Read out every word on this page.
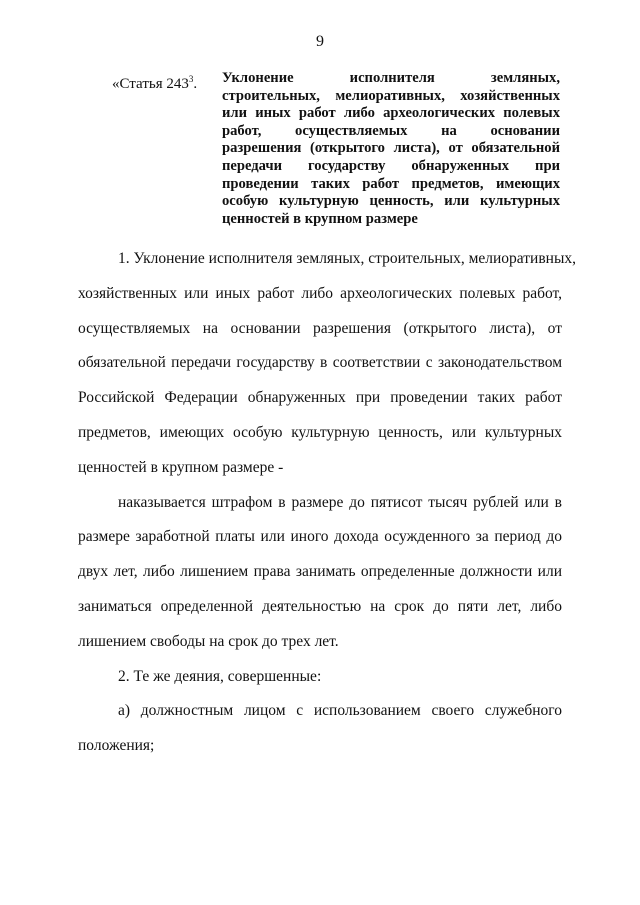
9
«Статья $243^3$. Уклонение исполнителя земляных,
строительных, мелиоративных, хозяйственных
или иных работ либо археологических полевых
работ, осуществляемых на основании
разрешения (открытого листа), от обязательной
передачи государству обнаруженных при
проведении таких работ предметов, имеющих
особую культурную ценность, или культурных
ценностей в крупном размере
1. Уклонение исполнителя земляных, строительных, мелиоративных,
хозяйственных или иных работ либо археологических полевых работ,
осуществляемых на основании разрешения (открытого листа), от
обязательной передачи государству в соответствии с законодательством
Российской Федерации обнаруженных при проведении таких работ
предметов, имеющих особую культурную ценность, или культурных
ценностей в крупном размере -
наказывается штрафом в размере до пятисот тысяч рублей или в
размере заработной платы или иного дохода осужденного за период до
двух лет, либо лишением права занимать определенные должности или
заниматься определенной деятельностью на срок до пяти лет, либо
лишением свободы на срок до трех лет.
2. Те же деяния, совершенные:
а) должностным лицом с использованием своего служебного
положения;
